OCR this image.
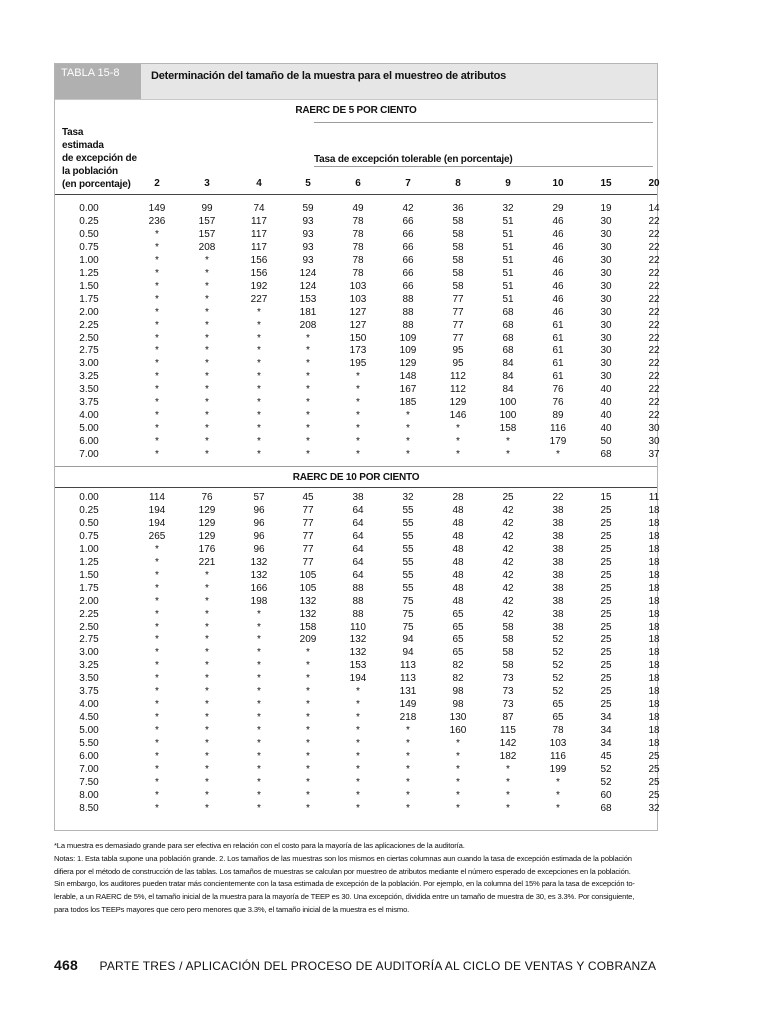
TABLA 15-8	Determinación del tamaño de la muestra para el muestreo de atributos
Tasa
estimada
de excepción de
la población
(en porcentaje)
Tasa de excepción tolerable (en porcentaje)
2	3	4	5	6	7	8	9	10	15	20
RAERC DE 5 POR CIENTO
0.00	149	99	74	59	49	42	36	32	29	19	14
0.25	236	157	117	93	78	66	58	51	46	30	22
0.50	*	157	117	93	78	66	58	51	46	30	22
0.75	*	208	117	93	78	66	58	51	46	30	22
1.00	*	*	156	93	78	66	58	51	46	30	22
1.25	*	*	156	124	78	66	58	51	46	30	22
1.50	*	*	192	124	103	66	58	51	46	30	22
1.75	*	*	227	153	103	88	77	51	46	30	22
2.00	*	*	*	181	127	88	77	68	46	30	22
2.25	*	*	*	208	127	88	77	68	61	30	22
2.50	*	*	*	*	150	109	77	68	61	30	22
2.75	*	*	*	*	173	109	95	68	61	30	22
3.00	*	*	*	*	195	129	95	84	61	30	22
3.25	*	*	*	*	*	148	112	84	61	30	22
3.50	*	*	*	*	*	167	112	84	76	40	22
3.75	*	*	*	*	*	185	129	100	76	40	22
4.00	*	*	*	*	*	*	146	100	89	40	22
5.00	*	*	*	*	*	*	*	158	116	40	30
6.00	*	*	*	*	*	*	*	*	179	50	30
7.00	*	*	*	*	*	*	*	*	*	68	37
RAERC DE 10 POR CIENTO
0.00	114	76	57	45	38	32	28	25	22	15	11
0.25	194	129	96	77	64	55	48	42	38	25	18
0.50	194	129	96	77	64	55	48	42	38	25	18
0.75	265	129	96	77	64	55	48	42	38	25	18
1.00	*	176	96	77	64	55	48	42	38	25	18
1.25	*	221	132	77	64	55	48	42	38	25	18
1.50	*	*	132	105	64	55	48	42	38	25	18
1.75	*	*	166	105	88	55	48	42	38	25	18
2.00	*	*	198	132	88	75	48	42	38	25	18
2.25	*	*	*	132	88	75	65	42	38	25	18
2.50	*	*	*	158	110	75	65	58	38	25	18
2.75	*	*	*	209	132	94	65	58	52	25	18
3.00	*	*	*	*	132	94	65	58	52	25	18
3.25	*	*	*	*	153	113	82	58	52	25	18
3.50	*	*	*	*	194	113	82	73	52	25	18
3.75	*	*	*	*	*	131	98	73	52	25	18
4.00	*	*	*	*	*	149	98	73	65	25	18
4.50	*	*	*	*	*	218	130	87	65	34	18
5.00	*	*	*	*	*	*	160	115	78	34	18
5.50	*	*	*	*	*	*	*	142	103	34	18
6.00	*	*	*	*	*	*	*	182	116	45	25
7.00	*	*	*	*	*	*	*	*	199	52	25
7.50	*	*	*	*	*	*	*	*	*	52	25
8.00	*	*	*	*	*	*	*	*	*	60	25
8.50	*	*	*	*	*	*	*	*	*	68	32

*La muestra es demasiado grande para ser efectiva en relación con el costo para la mayoría de las aplicaciones de la auditoría.

Notas: 1. Esta tabla supone una población grande. 2. Los tamaños de las muestras son los mismos en ciertas columnas aun cuando la tasa de excepción estimada de la población

difiera por el método de construcción de las tablas. Los tamaños de muestras se calculan por muestreo de atributos mediante el número esperado de excepciones en la población.

Sin embargo, los auditores pueden tratar más concientemente con la tasa estimada de excepción de la población. Por ejemplo, en la columna del 15% para la tasa de excepción to-

lerable, a un RAERC de 5%, el tamaño inicial de la muestra para la mayoría de TEEP es 30. Una excepción, dividida entre un tamaño de muestra de 30, es 3.3%. Por consiguiente,

para todos los TEEPs mayores que cero pero menores que 3.3%, el tamaño inicial de la muestra es el mismo.

468 PARTE TRES / APLICACIÓN DEL PROCESO DE AUDITORÍA AL CICLO DE VENTAS Y COBRANZA
